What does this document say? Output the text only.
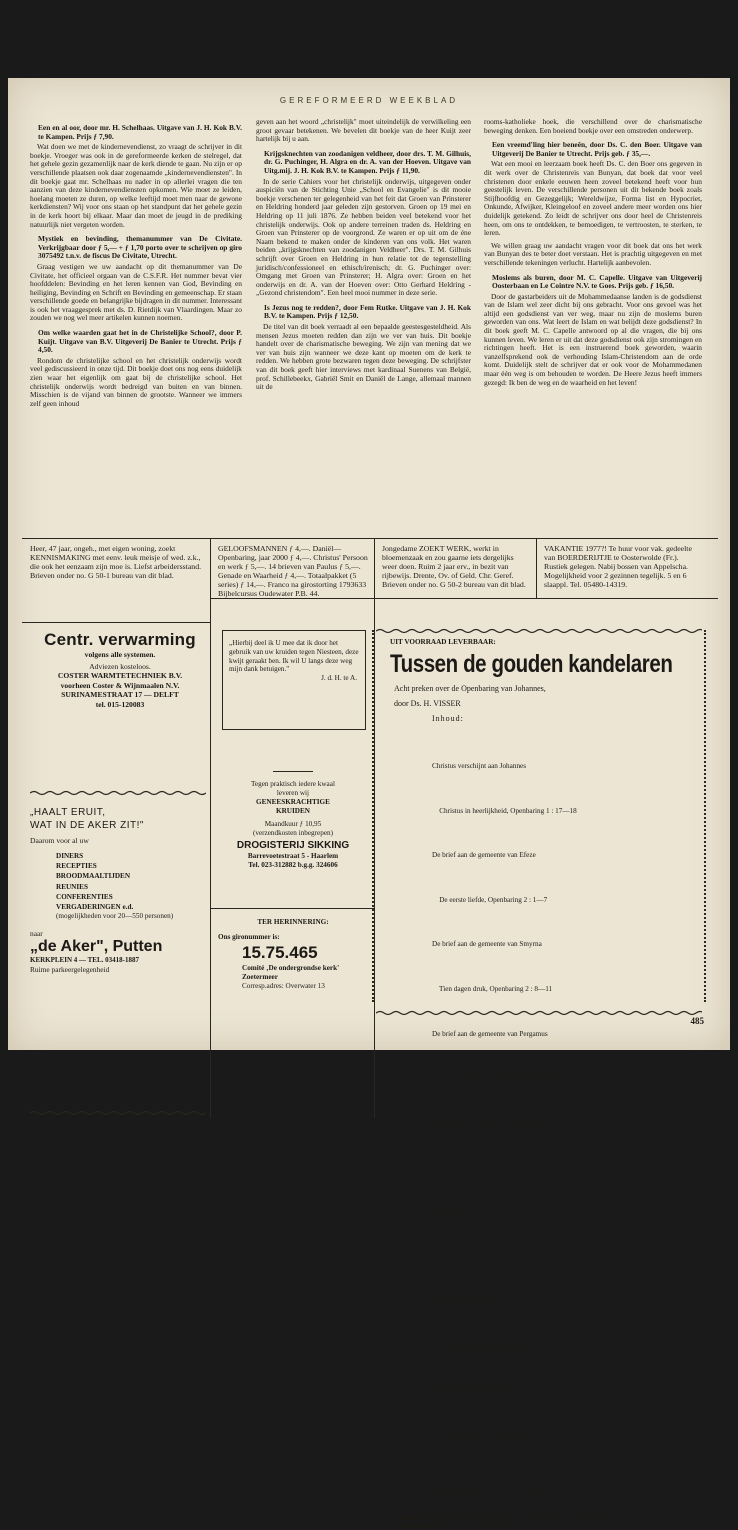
GEREFORMEERD WEEKBLAD
Een en al oor, door mr. H. Schelhaas. Uitgave van J. H. Kok B.V. te Kampen. Prijs ƒ 7,90.

Wat doen we met de kindernevendienst, zo vraagt de schrijver in dit boekje. Vroeger was ook in de gereformeerde kerken de stelregel, dat het gehele gezin gezamenlijk naar de kerk diende te gaan. Nu zijn er op verschillende plaatsen ook daar zogenaamde „kindernevendiensten". In dit boekje gaat mr. Schelhaas nu nader in op allerlei vragen die ten aanzien van deze kindernevendiensten opkomen. Wie moet ze leiden, hoelang moeten ze duren, op welke leeftijd moet men naar de gewone kerkdiensten? Wij voor ons staan op het standpunt dat het gehele gezin in de kerk hoort bij elkaar. Maar dan moet de jeugd in de prediking natuurlijk niet vergeten worden.

Mystiek en bevinding, themanummer van De Civitate. Verkrijgbaar door ƒ 5,— + ƒ 1,70 porto over te schrijven op giro 3075492 t.n.v. de fiscus De Civitate, Utrecht.

Graag vestigen we uw aandacht op dit themanummer van De Civitate, het officieel orgaan van de C.S.F.R. Het nummer bevat vier hoofddelen: Bevinding en het leren kennen van God, Bevinding en heiliging, Bevinding en Schrift en Bevinding en gemeenschap. Er staan verschillende goede en belangrijke bijdragen in dit nummer. Interessant is ook het vraaggesprek met ds. D. Rietdijk van Vlaardingen. Maar zo zouden we nog wel meer artikelen kunnen noemen.

Om welke waarden gaat het in de Christelijke School?, door P. Kuijt. Uitgave van B.V. Uitgeverij De Banier te Utrecht. Prijs ƒ 4,50.

Rondom de christelijke school en het christelijk onderwijs wordt veel gediscussieerd in onze tijd. Dit boekje doet ons nog eens duidelijk zien waar het eigenlijk om gaat bij de christelijke school. Het christelijk onderwijs wordt bedreigd van buiten en van binnen. Misschien is de vijand van binnen de grootste. Wanneer we immers zelf geen inhoud

geven aan het woord „christelijk" moet uiteindelijk de verwilkeling een groot gevaar betekenen. We bevelen dit boekje van de heer Kuijt zeer hartelijk bij u aan.

Krijgsknechten van zoodanigen veldheer, door drs. T. M. Gilhuis, dr. G. Puchinger, H. Algra en dr. A. van der Hoeven. Uitgave van Uitg.mij. J. H. Kok B.V. te Kampen. Prijs ƒ 11,90.

In de serie Cahiers voor het christelijk onderwijs, uitgegeven onder auspiciën van de Stichting Unie „School en Evangelie" is dit mooie boekje verschenen ter gelegenheid van het feit dat Groen van Prinsterer en Heldring honderd jaar geleden zijn gestorven. Groen op 19 mei en Heldring op 11 juli 1876. Ze hebben beiden veel betekend voor het christelijk onderwijs. Ook op andere terreinen traden ds. Heldring en Groen van Prinsterer op de voorgrond. Ze waren er op uit om de éne Naam bekend te maken onder de kinderen van ons volk. Het waren beiden „krijgsknechten van zoodanigen Veldheer". Drs. T. M. Gilhuis schrijft over Groen en Heldring in hun relatie tot de tegenstelling juridisch/confessioneel en ethisch/irenisch; dr. G. Puchinger over: Omgang met Groen van Prinsterer; H. Algra over: Groen en het onderwijs en dr. A. van der Hoeven over: Otto Gerhard Heldring - „Gezond christendom". Een heel mooi nummer in deze serie.

Is Jezus nog te redden?, door Fem Rutke. Uitgave van J. H. Kok B.V. te Kampen. Prijs ƒ 12,50.

De titel van dit boek verraadt al een bepaalde geestesgesteldheid. Als mensen Jezus moeten redden dan zijn we ver van huis. Dit boekje handelt over de charismatische beweging. We zijn van mening dat we ver van huis zijn wanneer we deze kant op moeten om de kerk te redden. We hebben grote bezwaren tegen deze beweging. De schrijfster van dit boek geeft hier interviews met kardinaal Suenens van België, prof. Schillebeekx, Gabriël Smit en Daniël de Lange, allemaal mannen uit de

rooms-katholieke hoek, die verschillend over de charismatische beweging denken. Een boeiend boekje over een omstreden onderwerp.

Een vreemd'ling hier beneên, door Ds. C. den Boer. Uitgave van Uitgeverij De Banier te Utrecht. Prijs geb. ƒ 35,—.

Wat een mooi en leerzaam boek heeft Ds. C. den Boer ons gegeven in dit werk over de Christenreis van Bunyan, dat boek dat voor veel christenen door enkele eeuwen heen zoveel betekend heeft voor hun geestelijk leven. De verschillende personen uit dit bekende boek zoals Stijfhoofdig en Gezeggelijk; Wereldwijze, Forma list en Hypocriet, Onkunde, Afwijker, Kleingeloof en zoveel andere meer worden ons hier duidelijk getekend. Zo leidt de schrijver ons door heel de Christenreis heen, om ons te ontdekken, te bemoedigen, te vertroosten, te sterken, te leren.

We willen graag uw aandacht vragen voor dit boek dat ons het werk van Bunyan des te beter doet verstaan. Het is prachtig uitgegeven en met verschillende tekeningen verlucht. Hartelijk aanbevolen.

Moslems als buren, door M. C. Capelle. Uitgave van Uitgeverij Oosterbaan en Le Cointre N.V. te Goes. Prijs geb. ƒ 16,50.

Door de gastarbeiders uit de Mohammedaanse landen is de godsdienst van de Islam wel zeer dicht bij ons gebracht. Voor ons gevoel was het altijd een godsdienst van ver weg, maar nu zijn de moslems buren geworden van ons. Wat leert de Islam en wat belijdt deze godsdienst? In dit boek geeft M. C. Capelle antwoord op al die vragen, die bij ons kunnen leven. We leren er uit dat deze godsdienst ook zijn stromingen en richtingen heeft. Het is een instruerend boek geworden, waarin vanzelfsprekend ook de verhouding Islam-Christendom aan de orde komt. Duidelijk stelt de schrijver dat er ook voor de Mohammedanen maar één weg is om behouden te worden. De Heere Jezus heeft immers gezegd: Ik ben de weg en de waarheid en het leven!

Heer, 47 jaar, ongeh., met eigen woning, zoekt KENNISMAKING met eenv. leuk meisje of wed. z.k., die ook het eenzaam zijn moe is. Liefst arbeidersstand. Brieven onder no. G 50-1 bureau van dit blad.
GELOOFSMANNEN ƒ 4,—. Daniël—Openbaring, jaar 2000 ƒ 4,—. Christus' Persoon en werk ƒ 5,—. 14 brieven van Paulus ƒ 5,—. Genade en Waarheid ƒ 4,—. Totaalpakket (5 series) ƒ 14,—. Franco na girostorting 1793633 Bijbelcursus Oudewater P.B. 44.
Jongedame ZOEKT WERK, werkt in bloemenzaak en zou gaarne iets dergelijks weer doen. Ruim 2 jaar erv., in bezit van rijbewijs. Drente, Ov. of Geld. Chr. Geref. Brieven onder no. G 50-2 bureau van dit blad.
VAKANTIE 1977?! Te huur voor vak. gedeelte van BOERDERIJTJE te Oosterwolde (Fr.). Rustiek gelegen. Nabij bossen van Appelscha. Mogelijkheid voor 2 gezinnen tegelijk. 5 en 6 slaappl. Tel. 05480-14319.
Centr. verwarming
volgens alle systemen.
Adviezen kosteloos.
COSTER WARMTETECHNIEK B.V.
voorheen Coster & Wijnmaalen N.V.
SURINAMESTRAAT 17 — DELFT
tel. 015-120083
„HAALT ERUIT,
WAT IN DE AKER ZIT!"
Daarom voor al uw
DINERS
RECEPTIES
BROODMAALTIJDEN
REUNIES
CONFERENTIES
VERGADERINGEN e.d.
(mogelijkheden voor 20—550 personen)
naar
„de Aker", Putten
KERKPLEIN 4 — TEL. 03418-1887
Ruime parkeergelegenheid
„Hierbij deel ik U mee dat ik door het gebruik van uw kruiden tegen Niesteen, deze kwijt geraakt ben. Ik wil U langs deze weg mijn dank betuigen."
J. d. H. te A.
Tegen praktisch iedere kwaal
leveren wij
GENEESKRACHTIGE
KRUIDEN
Maandkuur ƒ 10,95
(verzendkosten inbegrepen)
DROGISTERIJ SIKKING
Barrevoetestraat 5 - Haarlem
Tel. 023-312882 b.g.g. 324606
TER HERINNERING:
Ons gironummer is:
15.75.465
Comité ‚De ondergrondse kerk'
Zoetermeer
Corresp.adres: Overwater 13
UIT VOORRAAD LEVERBAAR:
Tussen de gouden kandelaren
Acht preken over de Openbaring van Johannes,
door Ds. H. VISSER
Inhoud:

Christus verschijnt aan Johannes

Christus in heerlijkheid, Openbaring 1 : 17—18

De brief aan de gemeente van Efeze

De eerste liefde, Openbaring 2 : 1—7

De brief aan de gemeente van Smyrna

Tien dagen druk, Openbaring 2 : 8—11

De brief aan de gemeente van Pergamus

Waar de troon des satans is, Openbaring 2 : 12—17

De brief aan de gemeente van Thyatire

Het woeden van Izebel, Openbaring 2 : 18—29

De brief aan Sardis

Geroepen tot waakzaamheid, Openbaring 3 : 1—6

De brief aan Filadelfia

Een geopende deur, Openbaring 3 : 7—13

De zevende brief aan Laodicea

Kopen en kloppen, Openbaring 3 : 14—22

De prijs van dit boek bedraagt ƒ 12,50, franko per post ƒ 15,25
Bestellingen bij de boekhandel en bij
DRUKKER-UITGEVER J. BOUT & ZN — HUIZEN — Giro 177897
Ceintuurbaan 52—34 — Tel. 02152-53293
485
